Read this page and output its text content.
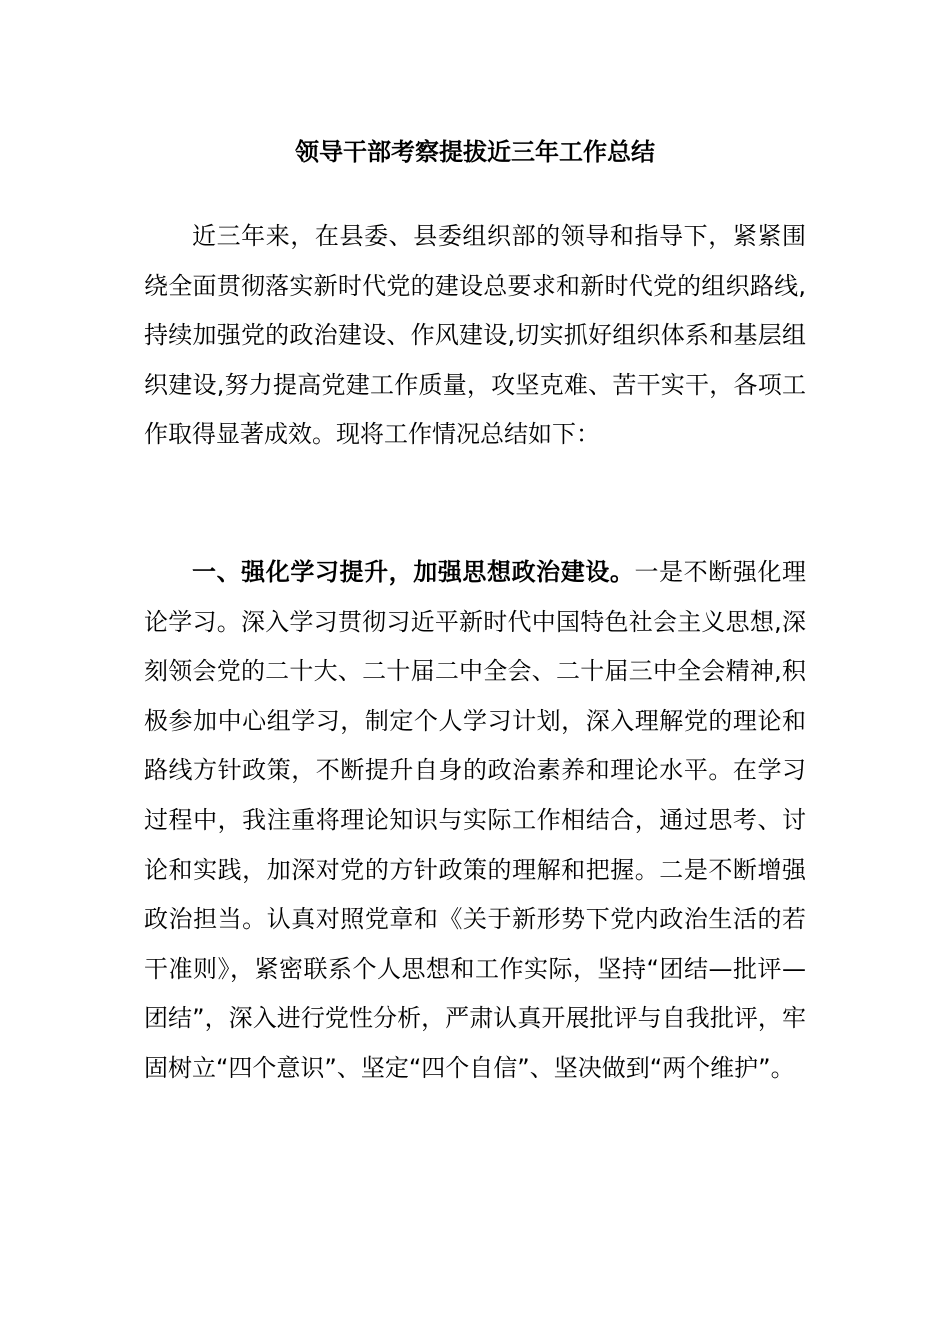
领导干部考察提拔近三年工作总结

近三年来，在县委、县委组织部的领导和指导下，紧紧围绕全面贯彻落实新时代党的建设总要求和新时代党的组织路线,持续加强党的政治建设、作风建设,切实抓好组织体系和基层组织建设,努力提高党建工作质量，攻坚克难、苦干实干，各项工作取得显著成效。现将工作情况总结如下：

一、强化学习提升，加强思想政治建设。一是不断强化理论学习。深入学习贯彻习近平新时代中国特色社会主义思想,深刻领会党的二十大、二十届二中全会、二十届三中全会精神,积极参加中心组学习，制定个人学习计划，深入理解党的理论和路线方针政策，不断提升自身的政治素养和理论水平。在学习过程中，我注重将理论知识与实际工作相结合，通过思考、讨论和实践，加深对党的方针政策的理解和把握。二是不断增强政治担当。认真对照党章和《关于新形势下党内政治生活的若干准则》，紧密联系个人思想和工作实际，坚持“团结—批评—团结”，深入进行党性分析，严肃认真开展批评与自我批评，牢固树立“四个意识”、坚定“四个自信”、坚决做到“两个维护”。
